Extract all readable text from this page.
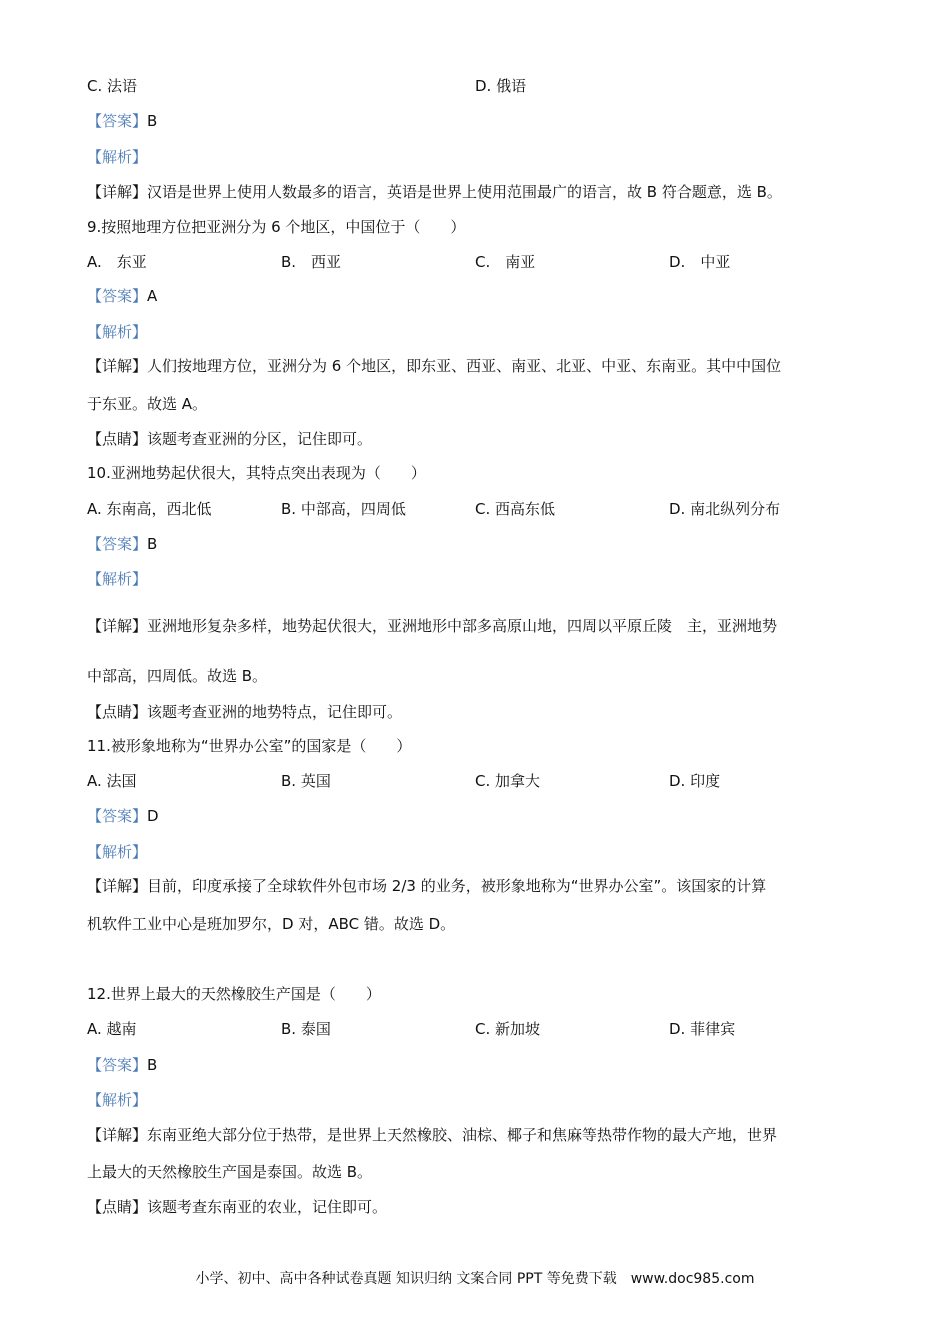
C. 法语	D. 俄语
【答案】B
【解析】
【详解】汉语是世界上使用人数最多的语言，英语是世界上使用范围最广的语言，故 B 符合题意，选 B。
9.按照地理方位把亚洲分为 6 个地区，中国位于（　　）
A.　东亚	B.　西亚	C.　南亚	D.　中亚
【答案】A
【解析】
【详解】人们按地理方位，亚洲分为 6 个地区，即东亚、西亚、南亚、北亚、中亚、东南亚。其中中国位
于东亚。故选 A。
【点睛】该题考查亚洲的分区，记住即可。
10.亚洲地势起伏很大，其特点突出表现为（　　）
A. 东南高，西北低	B. 中部高，四周低	C. 西高东低	D. 南北纵列分布
【答案】B
【解析】
【详解】亚洲地形复杂多样，地势起伏很大，亚洲地形中部多高原山地，四周以平原丘陵　主，亚洲地势
中部高，四周低。故选 B。
【点睛】该题考查亚洲的地势特点，记住即可。
11.被形象地称为“世界办公室”的国家是（　　）
A. 法国	B. 英国	C. 加拿大	D. 印度
【答案】D
【解析】
【详解】目前，印度承接了全球软件外包市场 2/3 的业务，被形象地称为“世界办公室”。该国家的计算
机软件工业中心是班加罗尔，D 对，ABC 错。故选 D。
12.世界上最大的天然橡胶生产国是（　　）
A. 越南	B. 泰国	C. 新加坡	D. 菲律宾
【答案】B
【解析】
【详解】东南亚绝大部分位于热带，是世界上天然橡胶、油棕、椰子和焦麻等热带作物的最大产地，世界
上最大的天然橡胶生产国是泰国。故选 B。
【点睛】该题考查东南亚的农业，记住即可。
小学、初中、高中各种试卷真题 知识归纳 文案合同 PPT 等免费下载　www.doc985.com
